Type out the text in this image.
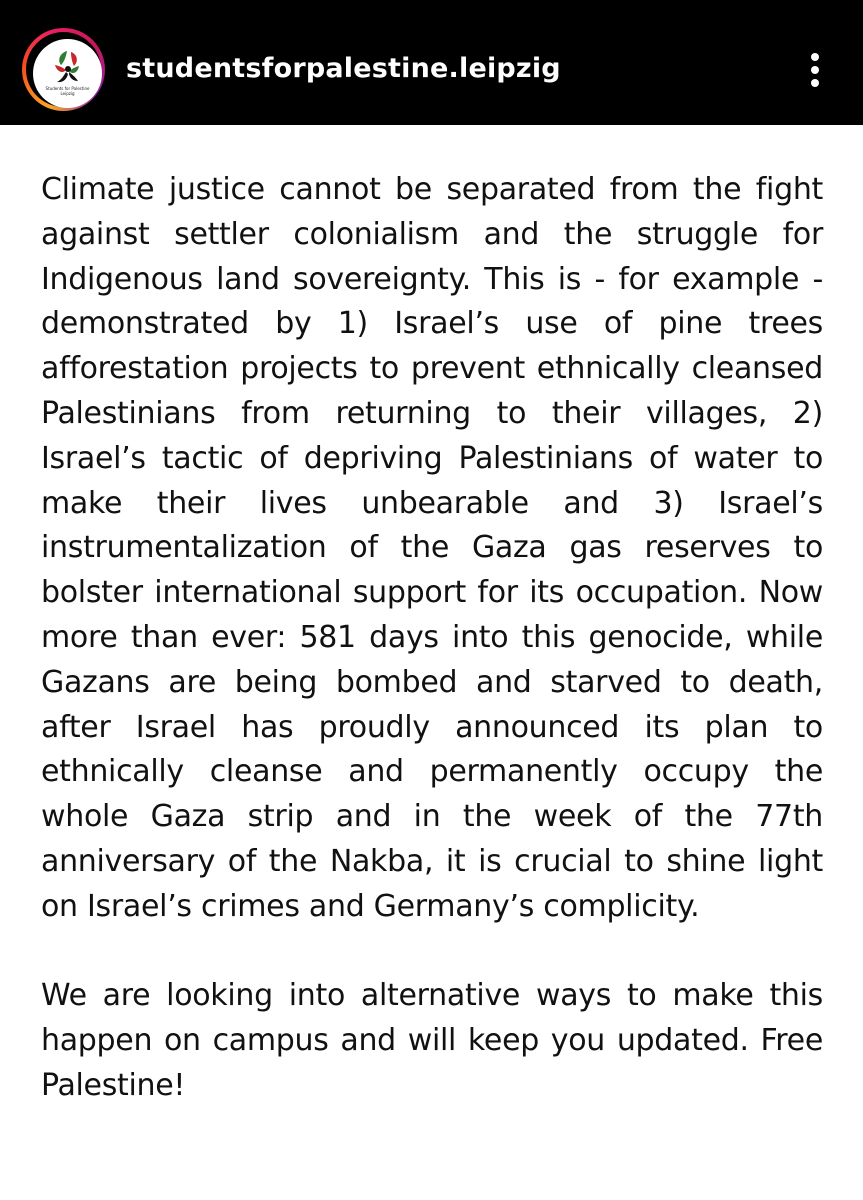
Students for Palestine Leipzig
studentsforpalestine.leipzig

Climate justice cannot be separated from the fight against settler colonialism and the struggle for Indigenous land sovereignty. This is - for example - demonstrated by 1) Israel’s use of pine trees afforestation projects to prevent ethnically cleansed Palestinians from returning to their villages, 2) Israel’s tactic of depriving Palestinians of water to make their lives unbearable and 3) Israel’s instrumentalization of the Gaza gas reserves to bolster international support for its occupation. Now more than ever: 581 days into this genocide, while Gazans are being bombed and starved to death, after Israel has proudly announced its plan to ethnically cleanse and permanently occupy the whole Gaza strip and in the week of the 77th anniversary of the Nakba, it is crucial to shine light on Israel’s crimes and Germany’s complicity.

We are looking into alternative ways to make this happen on campus and will keep you updated. Free Palestine!
